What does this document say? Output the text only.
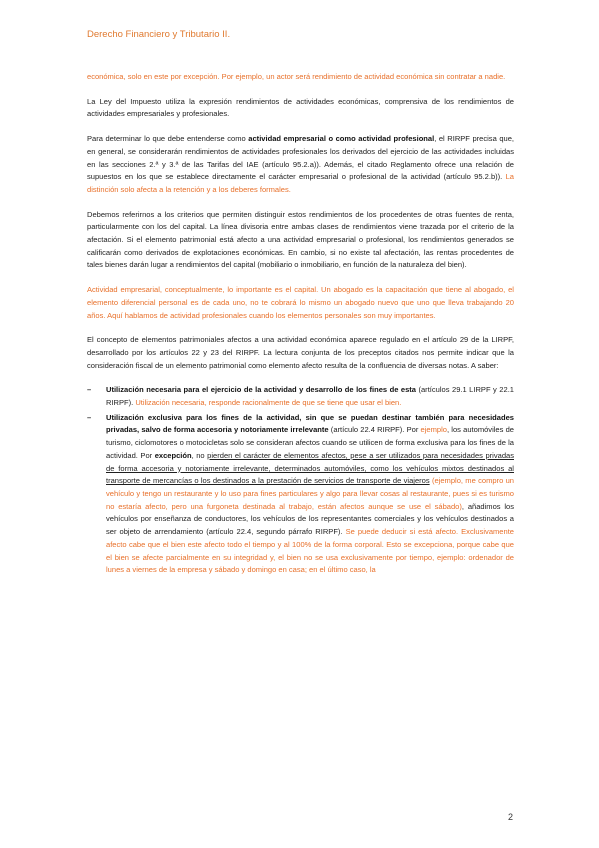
Derecho Financiero y Tributario II.

económica, solo en este por excepción. Por ejemplo, un actor será rendimiento de actividad económica sin contratar a nadie.

La Ley del Impuesto utiliza la expresión rendimientos de actividades económicas, comprensiva de los rendimientos de actividades empresariales y profesionales.

Para determinar lo que debe entenderse como actividad empresarial o como actividad profesional, el RIRPF precisa que, en general, se considerarán rendimientos de actividades profesionales los derivados del ejercicio de las actividades incluidas en las secciones 2.ª y 3.ª de las Tarifas del IAE (artículo 95.2.a)). Además, el citado Reglamento ofrece una relación de supuestos en los que se establece directamente el carácter empresarial o profesional de la actividad (artículo 95.2.b)). La distinción solo afecta a la retención y a los deberes formales.

Debemos referirnos a los criterios que permiten distinguir estos rendimientos de los procedentes de otras fuentes de renta, particularmente con los del capital. La línea divisoria entre ambas clases de rendimientos viene trazada por el criterio de la afectación. Si el elemento patrimonial está afecto a una actividad empresarial o profesional, los rendimientos generados se calificarán como derivados de explotaciones económicas. En cambio, si no existe tal afectación, las rentas procedentes de tales bienes darán lugar a rendimientos del capital (mobiliario o inmobiliario, en función de la naturaleza del bien).

Actividad empresarial, conceptualmente, lo importante es el capital. Un abogado es la capacitación que tiene al abogado, el elemento diferencial personal es de cada uno, no te cobrará lo mismo un abogado nuevo que uno que lleva trabajando 20 años. Aquí hablamos de actividad profesionales cuando los elementos personales son muy importantes.

El concepto de elementos patrimoniales afectos a una actividad económica aparece regulado en el artículo 29 de la LIRPF, desarrollado por los artículos 22 y 23 del RIRPF. La lectura conjunta de los preceptos citados nos permite indicar que la consideración fiscal de un elemento patrimonial como elemento afecto resulta de la confluencia de diversas notas. A saber:

– Utilización necesaria para el ejercicio de la actividad y desarrollo de los fines de esta (artículos 29.1 LIRPF y 22.1 RIRPF). Utilización necesaria, responde racionalmente de que se tiene que usar el bien.
– Utilización exclusiva para los fines de la actividad, sin que se puedan destinar también para necesidades privadas, salvo de forma accesoria y notoriamente irrelevante (artículo 22.4 RIRPF). Por ejemplo, los automóviles de turismo, ciclomotores o motocicletas solo se consideran afectos cuando se utilicen de forma exclusiva para los fines de la actividad. Por excepción, no pierden el carácter de elementos afectos, pese a ser utilizados para necesidades privadas de forma accesoria y notoriamente irrelevante, determinados automóviles, como los vehículos mixtos destinados al transporte de mercancías o los destinados a la prestación de servicios de transporte de viajeros (ejemplo, me compro un vehículo y tengo un restaurante y lo uso para fines particulares y algo para llevar cosas al restaurante, pues si es turismo no estaría afecto, pero una furgoneta destinada al trabajo, están afectos aunque se use el sábado), añadimos los vehículos por enseñanza de conductores, los vehículos de los representantes comerciales y los vehículos destinados a ser objeto de arrendamiento (artículo 22.4, segundo párrafo RIRPF). Se puede deducir si está afecto. Exclusivamente afecto cabe que el bien este afecto todo el tiempo y al 100% de la forma corporal. Esto se excepciona, porque cabe que el bien se afecte parcialmente en su integridad y, el bien no se usa exclusivamente por tiempo, ejemplo: ordenador de lunes a viernes de la empresa y sábado y domingo en casa; en el último caso, la
2
